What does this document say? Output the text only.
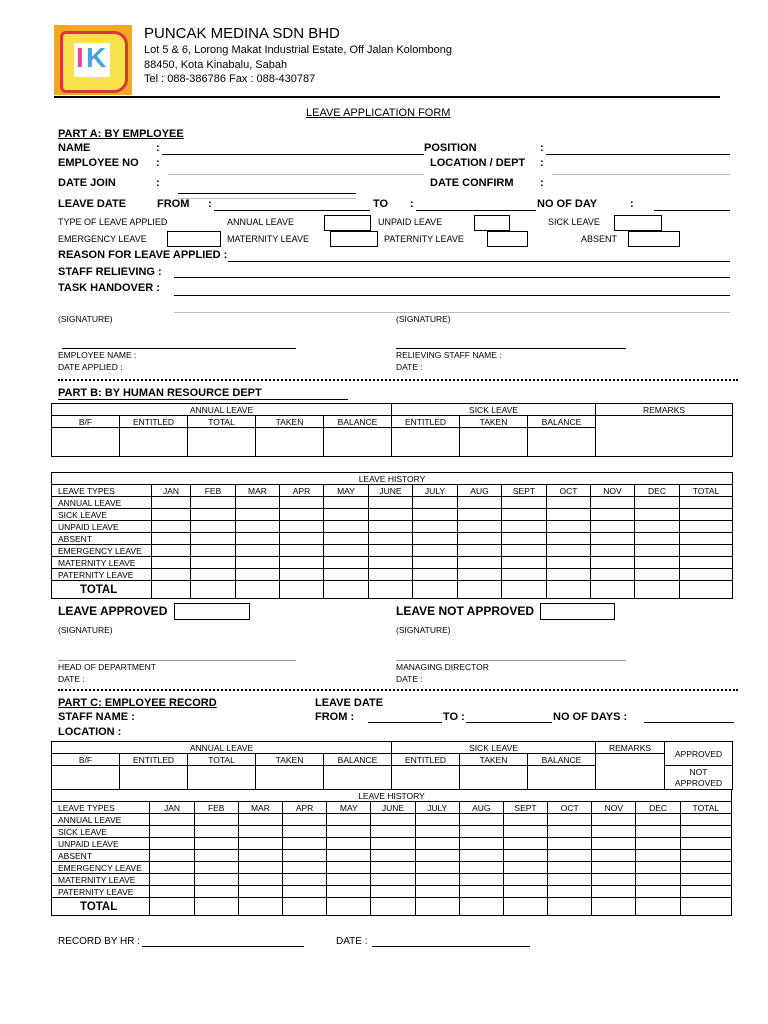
I K
PUNCAK MEDINA SDN BHD
Lot 5 & 6, Lorong Makat Industrial Estate, Off Jalan Kolombong
88450, Kota Kinabalu, Sabah
Tel : 088-386786 Fax : 088-430787
LEAVE APPLICATION FORM
PART A: BY EMPLOYEE
NAME	:	POSITION	:
EMPLOYEE NO :	LOCATION / DEPT :
DATE JOIN	:	DATE CONFIRM :
LEAVE DATE	FROM :	TO :	NO OF DAY	:
TYPE OF LEAVE APPLIED	ANNUAL LEAVE	UNPAID LEAVE	SICK LEAVE
EMERGENCY LEAVE	MATERNITY LEAVE	PATERNITY LEAVE	ABSENT
REASON FOR LEAVE APPLIED :
STAFF RELIEVING :
TASK HANDOVER :
(SIGNATURE)	(SIGNATURE)
EMPLOYEE NAME :	RELIEVING STAFF NAME :
DATE APPLIED :	DATE :
PART B: BY HUMAN RESOURCE DEPT
ANNUAL LEAVE					SICK LEAVE			REMARKS
B/F	ENTITLED	TOTAL	TAKEN	BALANCE	ENTITLED	TAKEN	BALANCE	

LEAVE HISTORY													
LEAVE TYPES	JAN	FEB	MAR	APR	MAY	JUNE	JULY	AUG	SEPT	OCT	NOV	DEC	TOTAL
ANNUAL LEAVE													
SICK LEAVE													
UNPAID LEAVE													
ABSENT													
EMERGENCY LEAVE													
MATERNITY LEAVE													
PATERNITY LEAVE													
TOTAL													
LEAVE APPROVED	LEAVE NOT APPROVED
(SIGNATURE)	(SIGNATURE)
HEAD OF DEPARTMENT	MANAGING DIRECTOR
DATE :	DATE :
PART C: EMPLOYEE RECORD	LEAVE DATE
STAFF NAME :	FROM :	TO :	NO OF DAYS :
LOCATION :
ANNUAL LEAVE					SICK LEAVE			REMARKS	APPROVED
B/F	ENTITLED	TOTAL	TAKEN	BALANCE	ENTITLED	TAKEN	BALANCE		
									NOT
APPROVED
LEAVE HISTORY													
LEAVE TYPES	JAN	FEB	MAR	APR	MAY	JUNE	JULY	AUG	SEPT	OCT	NOV	DEC	TOTAL
ANNUAL LEAVE													
SICK LEAVE													
UNPAID LEAVE													
ABSENT													
EMERGENCY LEAVE													
MATERNITY LEAVE													
PATERNITY LEAVE													
TOTAL													
RECORD BY HR :	DATE :
